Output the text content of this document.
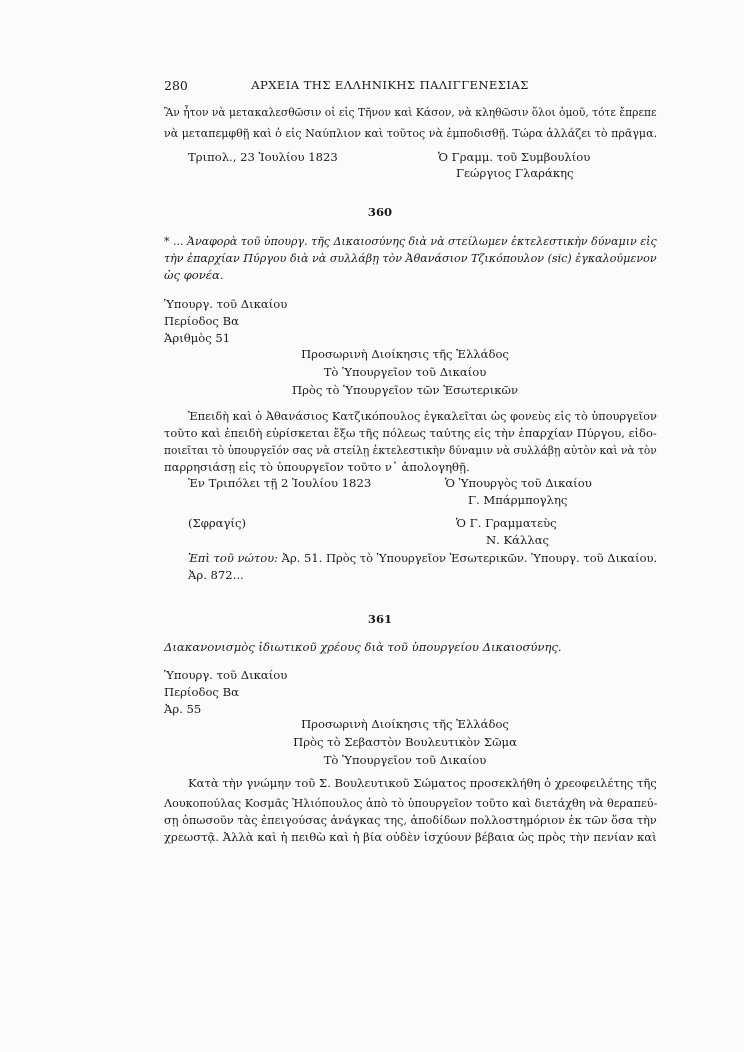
280	ΑΡΧΕΙΑ ΤΗΣ ΕΛΛΗΝΙΚΗΣ ΠΑΛΙΓΓΕΝΕΣΙΑΣ
Ἂν ἦτον νὰ μετακαλεσθῶσιν οἱ εἰς Τῆνον καὶ Κάσον, νὰ κληθῶσιν ὅλοι ὁμοῦ, τότε ἔπρεπε
νὰ μεταπεμφθῇ καὶ ὁ εἰς Ναύπλιον καὶ τοῦτος νὰ ἐμποδισθῇ. Τώρα ἀλλάζει τὸ πρᾶγμα.
Τριπολ., 23 Ἰουλίου 1823	Ὁ Γραμμ. τοῦ Συμβουλίου
Γεώργιος Γλαράκης
360
* ... Ἀναφορὰ τοῦ ὑπουργ. τῆς Δικαιοσύνης διὰ νὰ στείλωμεν ἐκτελεστικὴν δύναμιν εἰς
τὴν ἐπαρχίαν Πύργου διὰ νὰ συλλάβῃ τὸν Ἀθανάσιον Τζικόπουλον (sic) ἐγκαλούμενον
ὡς φονέα.
Ὑπουργ. τοῦ Δικαίου
Περίοδος Βα
Ἀριθμὸς 51
Προσωρινὴ Διοίκησις τῆς Ἑλλάδος
Τὸ Ὑπουργεῖον τοῦ Δικαίου
Πρὸς τὸ Ὑπουργεῖον τῶν Ἐσωτερικῶν
Ἐπειδὴ καὶ ὁ Ἀθανάσιος Κατζικόπουλος ἐγκαλεῖται ὡς φονεὺς εἰς τὸ ὑπουργεῖον
τοῦτο καὶ ἐπειδὴ εὑρίσκεται ἔξω τῆς πόλεως ταύτης εἰς τὴν ἐπαρχίαν Πύργου, εἰδο-
ποιεῖται τὸ ὑπουργεῖόν σας νὰ στείλῃ ἐκτελεστικὴν δύναμιν νὰ συλλάβῃ αὐτὸν καὶ νὰ τὸν
παρρησιάσῃ εἰς τὸ ὑπουργεῖον τοῦτο ν᾽ ἀπολογηθῇ.
Ἐν Τριπόλει τῇ 2 Ἰουλίου 1823	Ὁ Ὑπουργὸς τοῦ Δικαίου
Γ. Μπάρμπογλης
(Σφραγίς)	Ὁ Γ. Γραμματεὺς
Ν. Κάλλας
Ἐπὶ τοῦ νώτου: Ἀρ. 51. Πρὸς τὸ Ὑπουργεῖον Ἐσωτερικῶν. Ὑπουργ. τοῦ Δικαίου.
Ἀρ. 872...
361
Διακανονισμὸς ἰδιωτικοῦ χρέους διὰ τοῦ ὑπουργείου Δικαιοσύνης.
Ὑπουργ. τοῦ Δικαίου
Περίοδος Βα
Ἀρ. 55
Προσωρινὴ Διοίκησις τῆς Ἑλλάδος
Πρὸς τὸ Σεβαστὸν Βουλευτικὸν Σῶμα
Τὸ Ὑπουργεῖον τοῦ Δικαίου
Κατὰ τὴν γνώμην τοῦ Σ. Βουλευτικοῦ Σώματος προσεκλήθη ὁ χρεοφειλέτης τῆς
Λουκοπούλας Κοσμᾶς Ἠλιόπουλος ἀπὸ τὸ ὑπουργεῖον τοῦτο καὶ διετάχθη νὰ θεραπεύ-
σῃ ὁπωσοῦν τὰς ἐπειγούσας ἀνάγκας της, ἀποδίδων πολλοστημόριον ἐκ τῶν ὅσα τὴν
χρεωστᾷ. Ἀλλὰ καὶ ἡ πειθὼ καὶ ἡ βία οὐδὲν ἰσχύουν βέβαια ὡς πρὸς τὴν πενίαν καὶ
